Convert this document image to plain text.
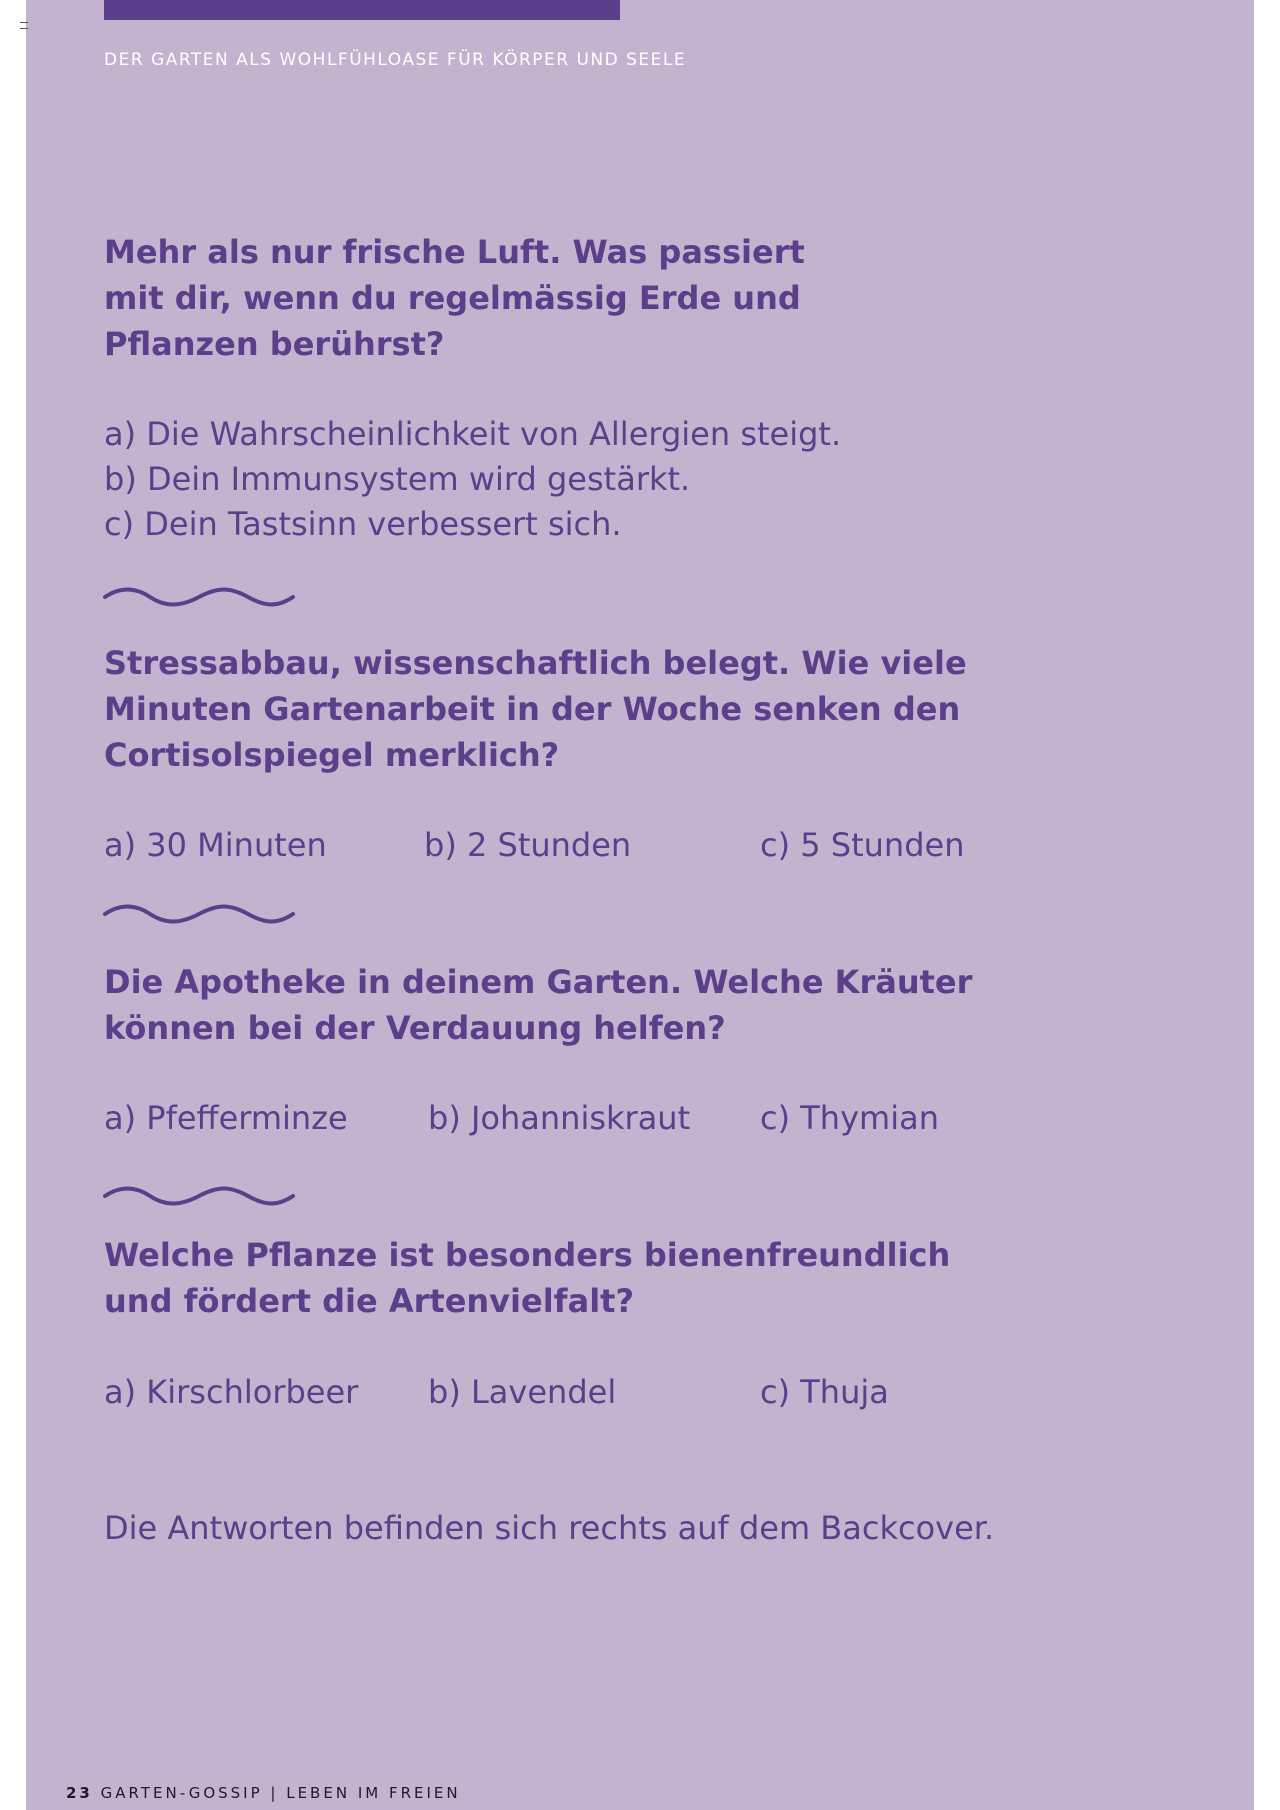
DER GARTEN ALS WOHLFÜHLOASE FÜR KÖRPER UND SEELE
Mehr als nur frische Luft. Was passiert
mit dir, wenn du regelmässig Erde und
Pflanzen berührst?
a) Die Wahrscheinlichkeit von Allergien steigt.
b) Dein Immunsystem wird gestärkt.
c) Dein Tastsinn verbessert sich.
Stressabbau, wissenschaftlich belegt. Wie viele
Minuten Gartenarbeit in der Woche senken den
Cortisolspiegel merklich?
a) 30 Minuten	b) 2 Stunden	c) 5 Stunden
Die Apotheke in deinem Garten. Welche Kräuter
können bei der Verdauung helfen?
a) Pfefferminze	b) Johanniskraut c) Thymian
Welche Pflanze ist besonders bienenfreundlich
und fördert die Artenvielfalt?
a) Kirschlorbeer b) Lavendel	c) Thuja
Die Antworten befinden sich rechts auf dem Backcover.
23 GARTEN-GOSSIP | LEBEN IM FREIEN
